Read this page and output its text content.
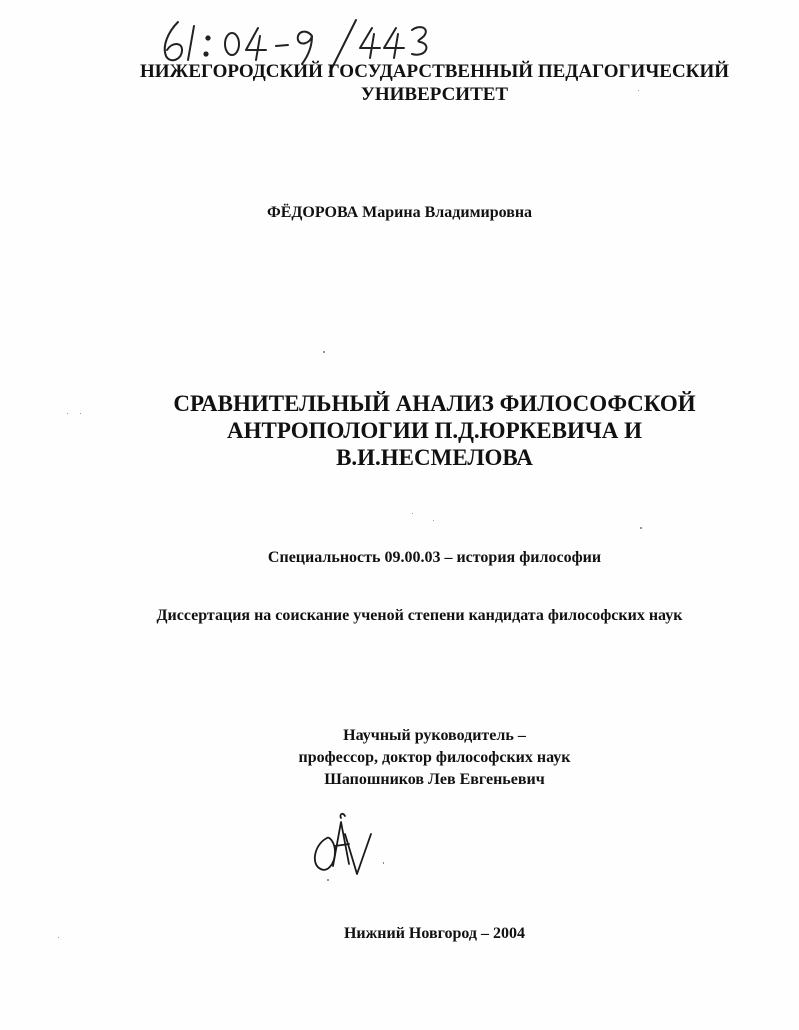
НИЖЕГОРОДСКИЙ ГОСУДАРСТВЕННЫЙ ПЕДАГОГИЧЕСКИЙ
УНИВЕРСИТЕТ
ФЁДОРОВА Марина Владимировна
СРАВНИТЕЛЬНЫЙ АНАЛИЗ ФИЛОСОФСКОЙ
АНТРОПОЛОГИИ П.Д.ЮРКЕВИЧА И
В.И.НЕСМЕЛОВА
Специальность 09.00.03 – история философии
Диссертация на соискание ученой степени кандидата философских наук
Научный руководитель –
профессор, доктор философских наук
Шапошников Лев Евгеньевич
Нижний Новгород – 2004
